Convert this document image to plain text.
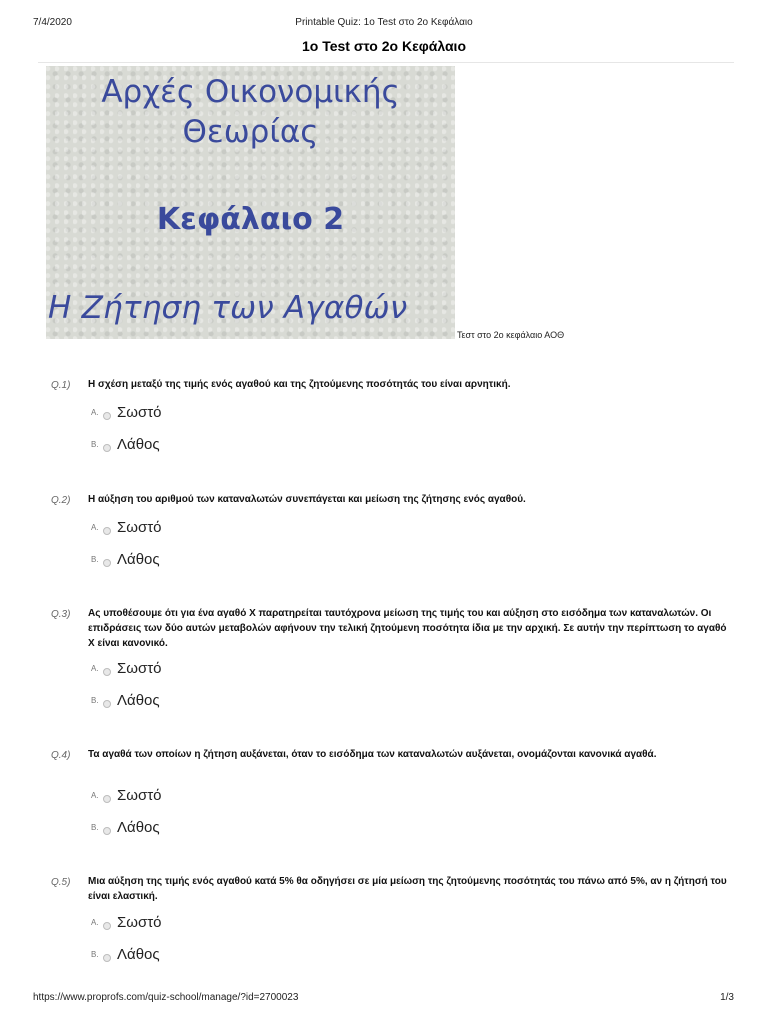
7/4/2020	Printable Quiz: 1ο Test στο 2ο Κεφάλαιο
1ο Test στο 2ο Κεφάλαιο
Αρχές Οικονομικής
Θεωρίας
Κεφάλαιο 2
Η Ζήτηση των Αγαθών
Τεστ στο 2ο κεφάλαιο ΑΟΘ
Q.1) Η σχέση μεταξύ της τιμής ενός αγαθού και της ζητούμενης ποσότητάς του είναι αρνητική.
A. Σωστό
B. Λάθος
Q.2) Η αύξηση του αριθμού των καταναλωτών συνεπάγεται και μείωση της ζήτησης ενός αγαθού.
A. Σωστό
B. Λάθος
Q.3) Ας υποθέσουμε ότι για ένα αγαθό Χ παρατηρείται ταυτόχρονα μείωση της τιμής του και αύξηση στο εισόδημα των καταναλωτών. Οι επιδράσεις των δύο αυτών μεταβολών αφήνουν την τελική ζητούμενη ποσότητα ίδια με την αρχική. Σε αυτήν την περίπτωση το αγαθό Χ είναι κανονικό.
A. Σωστό
B. Λάθος
Q.4) Τα αγαθά των οποίων η ζήτηση αυξάνεται, όταν το εισόδημα των καταναλωτών αυξάνεται, ονομάζονται κανονικά αγαθά.
A. Σωστό
B. Λάθος
Q.5) Μια αύξηση της τιμής ενός αγαθού κατά 5% θα οδηγήσει σε μία μείωση της ζητούμενης ποσότητάς του πάνω από 5%, αν η ζήτησή του είναι ελαστική.
A. Σωστό
B. Λάθος
https://www.proprofs.com/quiz-school/manage/?id=2700023	1/3
